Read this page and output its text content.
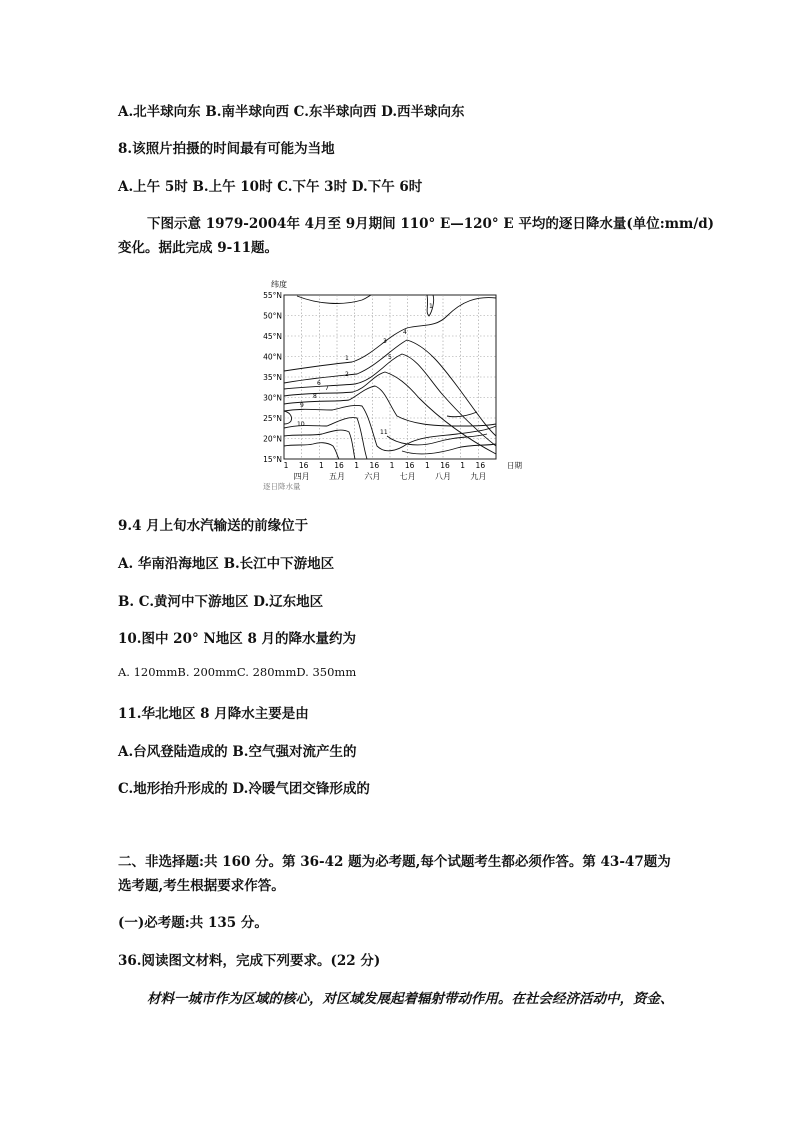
A.北半球向东 B.南半球向西 C.东半球向西 D.西半球向东
8.该照片拍摄的时间最有可能为当地
A.上午 5时 B.上午 10时 C.下午 3时 D.下午 6时
下图示意 1979-2004年 4月至 9月期间 110° E—120° E 平均的逐日降水量(单位:mm/d)
变化。据此完成 9-11题。
纬度
55°N
50°N
45°N
40°N
35°N
30°N
25°N
20°N
15°N
1
1
2
3
4
5
6
7
8
9
10
11
1 16 1 16 1 16 1 16 1 16 1 16	日期
四月 五月 六月 七月 八月 九月
逐日降水量
9.4 月上旬水汽输送的前缘位于
A. 华南沿海地区 B.长江中下游地区
B. C.黄河中下游地区 D.辽东地区
10.图中 20° N地区 8 月的降水量约为
A. 120mmB. 200mmC. 280mmD. 350mm
11.华北地区 8 月降水主要是由
A.台风登陆造成的 B.空气强对流产生的
C.地形抬升形成的 D.冷暖气团交锋形成的
二、非选择题:共 160 分。第 36-42 题为必考题,每个试题考生都必须作答。第 43-47题为
选考题,考生根据要求作答。
(一)必考题:共 135 分。
36.阅读图文材料，完成下列要求。(22 分)
材料一城市作为区域的核心，对区域发展起着辐射带动作用。在社会经济活动中，资金、
